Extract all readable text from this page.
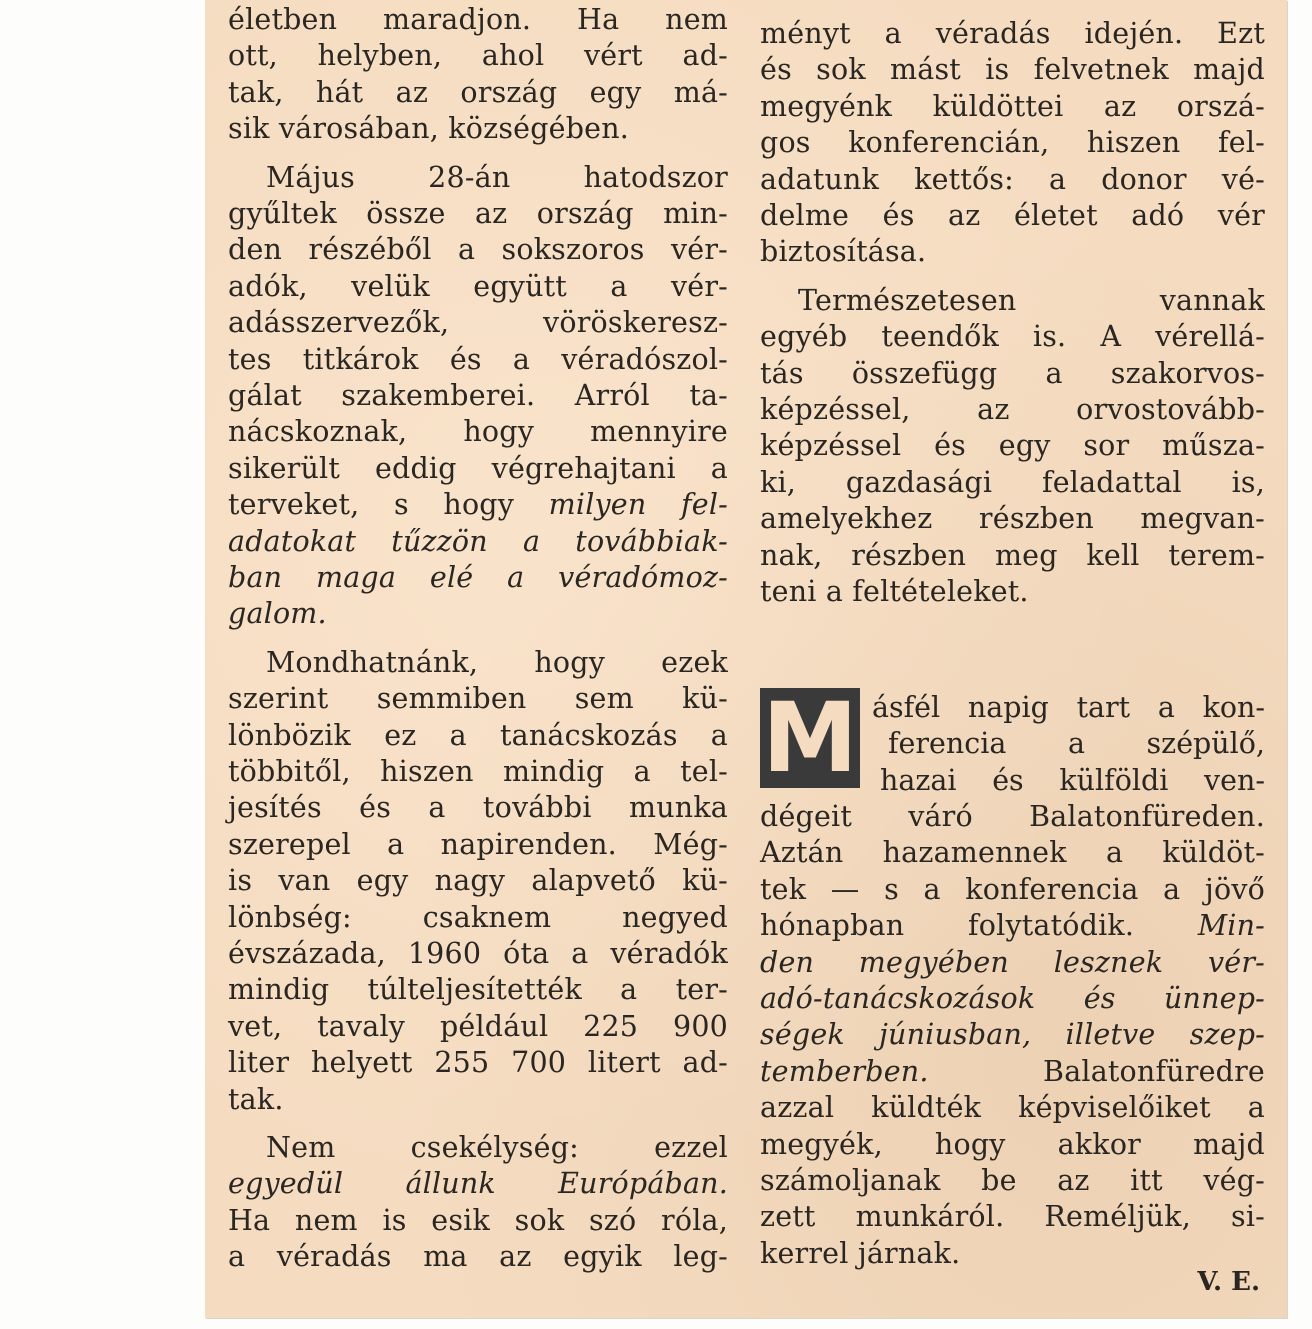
életben maradjon. Ha nem
ott, helyben, ahol vért ad-
tak, hát az ország egy má-
sik városában, községében.
Május 28-án hatodszor
gyűltek össze az ország min-
den részéből a sokszoros vér-
adók, velük együtt a vér-
adásszervezők, vöröskeresz-
tes titkárok és a véradószol-
gálat szakemberei. Arról ta-
nácskoznak, hogy mennyire
sikerült eddig végrehajtani a
terveket, s hogy milyen fel-
adatokat tűzzön a továbbiak-
ban maga elé a véradómoz-
galom.
Mondhatnánk, hogy ezek
szerint semmiben sem kü-
lönbözik ez a tanácskozás a
többitől, hiszen mindig a tel-
jesítés és a további munka
szerepel a napirenden. Még-
is van egy nagy alapvető kü-
lönbség: csaknem negyed
évszázada, 1960 óta a véradók
mindig túlteljesítették a ter-
vet, tavaly például 225 900
liter helyett 255 700 litert ad-
tak.
Nem csekélység: ezzel
egyedül állunk Európában.
Ha nem is esik sok szó róla,
a véradás ma az egyik leg-
ményt a véradás idején. Ezt
és sok mást is felvetnek majd
megyénk küldöttei az orszá-
gos konferencián, hiszen fel-
adatunk kettős: a donor vé-
delme és az életet adó vér
biztosítása.
Természetesen vannak
egyéb teendők is. A vérellá-
tás összefügg a szakorvos-
képzéssel, az orvostovább-
képzéssel és egy sor műsza-
ki, gazdasági feladattal is,
amelyekhez részben megvan-
nak, részben meg kell terem-
teni a feltételeket.
M ásfél napig tart a kon-
ferencia a szépülő,
hazai és külföldi ven-
dégeit váró Balatonfüreden.
Aztán hazamennek a küldöt-
tek — s a konferencia a jövő
hónapban folytatódik. Min-
den megyében lesznek vér-
adó-tanácskozások és ünnep-
ségek júniusban, illetve szep-
temberben. Balatonfüredre
azzal küldték képviselőiket a
megyék, hogy akkor majd
számoljanak be az itt vég-
zett munkáról. Reméljük, si-
kerrel járnak.
V. E.
